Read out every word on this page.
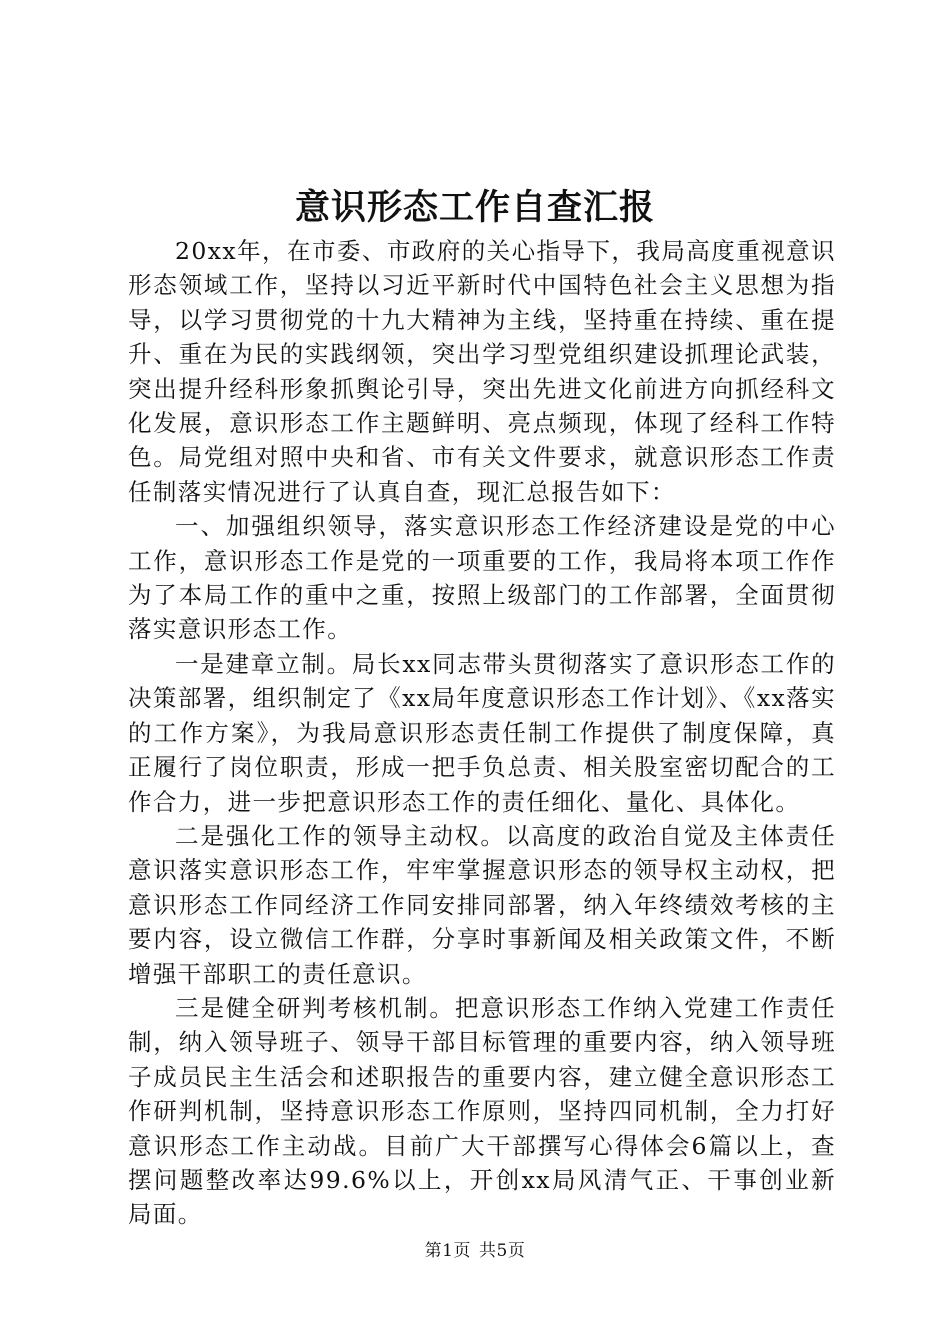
意识形态工作自查汇报

20xx年，在市委、市政府的关心指导下，我局高度重视意识形态领域工作，坚持以习近平新时代中国特色社会主义思想为指导，以学习贯彻党的十九大精神为主线，坚持重在持续、重在提升、重在为民的实践纲领，突出学习型党组织建设抓理论武装，突出提升经科形象抓舆论引导，突出先进文化前进方向抓经科文化发展，意识形态工作主题鲜明、亮点频现，体现了经科工作特色。局党组对照中央和省、市有关文件要求，就意识形态工作责任制落实情况进行了认真自查，现汇总报告如下：

一、加强组织领导，落实意识形态工作经济建设是党的中心工作，意识形态工作是党的一项重要的工作，我局将本项工作作为了本局工作的重中之重，按照上级部门的工作部署，全面贯彻落实意识形态工作。

一是建章立制。局长xx同志带头贯彻落实了意识形态工作的决策部署，组织制定了《xx局年度意识形态工作计划》、《xx落实的工作方案》，为我局意识形态责任制工作提供了制度保障，真正履行了岗位职责，形成一把手负总责、相关股室密切配合的工作合力，进一步把意识形态工作的责任细化、量化、具体化。

二是强化工作的领导主动权。以高度的政治自觉及主体责任意识落实意识形态工作，牢牢掌握意识形态的领导权主动权，把意识形态工作同经济工作同安排同部署，纳入年终绩效考核的主要内容，设立微信工作群，分享时事新闻及相关政策文件，不断增强干部职工的责任意识。

三是健全研判考核机制。把意识形态工作纳入党建工作责任制，纳入领导班子、领导干部目标管理的重要内容，纳入领导班子成员民主生活会和述职报告的重要内容，建立健全意识形态工作研判机制，坚持意识形态工作原则，坚持四同机制，全力打好意识形态工作主动战。目前广大干部撰写心得体会6篇以上，查摆问题整改率达99.6%以上，开创xx局风清气正、干事创业新局面。

第1页 共5页
